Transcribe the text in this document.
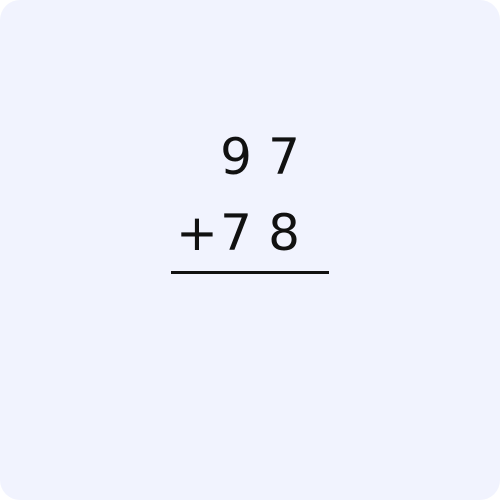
9 7
+ 7 8
